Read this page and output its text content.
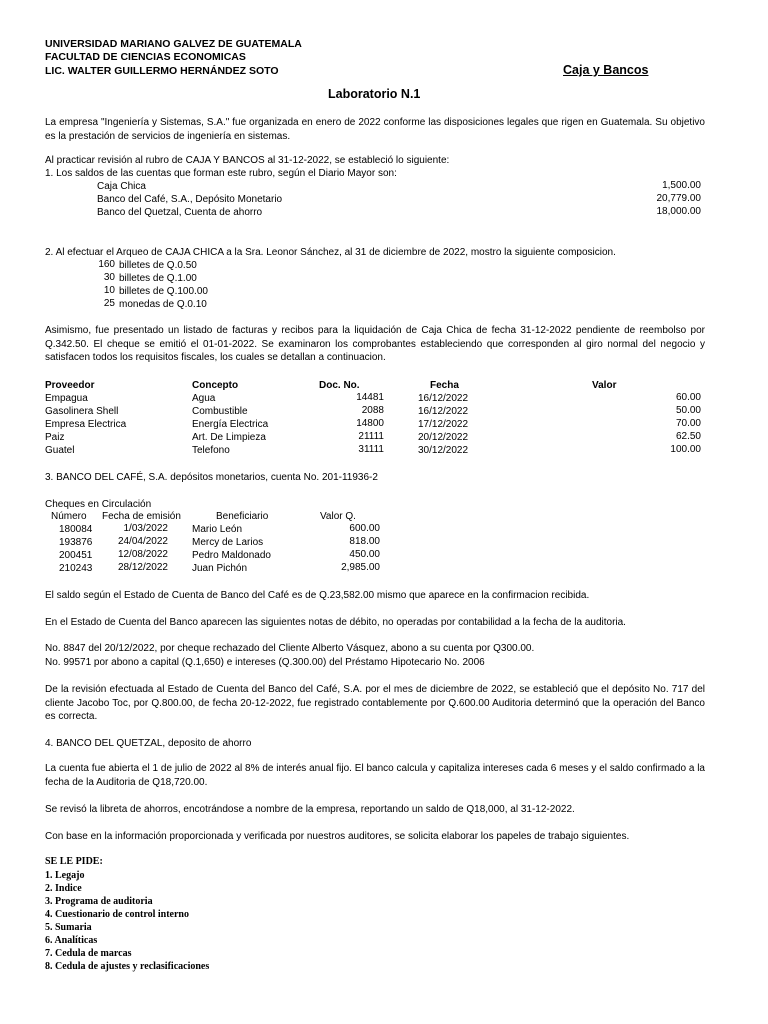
UNIVERSIDAD MARIANO GALVEZ DE GUATEMALA
FACULTAD DE CIENCIAS ECONOMICAS
LIC. WALTER GUILLERMO HERNÁNDEZ SOTO	Caja y Bancos
Laboratorio N.1
La empresa "Ingeniería y Sistemas, S.A." fue organizada en enero de 2022 conforme las disposiciones legales que rigen en Guatemala. Su objetivo es la prestación de servicios de ingeniería en sistemas.
Al practicar revisión al rubro de CAJA Y BANCOS al 31-12-2022, se estableció lo siguiente:
1. Los saldos de las cuentas que forman este rubro, según el Diario Mayor son:
Caja Chica	1,500.00
Banco del Café, S.A., Depósito Monetario	20,779.00
Banco del Quetzal, Cuenta de ahorro	18,000.00
2. Al efectuar el Arqueo de CAJA CHICA a la Sra. Leonor Sánchez, al 31 de diciembre de 2022, mostro la siguiente composicion.
160 billetes de Q.0.50
30 billetes de Q.1.00
10 billetes de Q.100.00
25 monedas de Q.0.10
Asimismo, fue presentado un listado de facturas y recibos para la liquidación de Caja Chica de fecha 31-12-2022 pendiente de reembolso por Q.342.50. El cheque se emitió el 01-01-2022. Se examinaron los comprobantes estableciendo que corresponden al giro normal del negocio y satisfacen todos los requisitos fiscales, los cuales se detallan a continuacion.
Proveedor	Concepto	Doc. No.	Fecha	Valor
Empagua	Agua	14481	16/12/2022	60.00
Gasolinera Shell	Combustible	2088	16/12/2022	50.00
Empresa Electrica	Energía Electrica	14800	17/12/2022	70.00
Paiz	Art. De Limpieza	21111	20/12/2022	62.50
Guatel	Telefono	31111	30/12/2022	100.00
3. BANCO DEL CAFÉ, S.A. depósitos monetarios, cuenta No. 201-11936-2
Cheques en Circulación
Número Fecha de emisión	Beneficiario	Valor Q.
180084	1/03/2022 Mario León	600.00
193876	24/04/2022 Mercy de Larios	818.00
200451	12/08/2022 Pedro Maldonado	450.00
210243	28/12/2022 Juan Pichón	2,985.00
El saldo según el Estado de Cuenta de Banco del Café es de Q.23,582.00 mismo que aparece en la confirmacion recibida.
En el Estado de Cuenta del Banco aparecen las siguientes notas de débito, no operadas por contabilidad a la fecha de la auditoria.
No. 8847 del 20/12/2022, por cheque rechazado del Cliente Alberto Vásquez, abono a su cuenta por Q300.00.
No. 99571 por abono a capital (Q.1,650) e intereses (Q.300.00) del Préstamo Hipotecario No. 2006
De la revisión efectuada al Estado de Cuenta del Banco del Café, S.A. por el mes de diciembre de 2022, se estableció que el depósito No. 717 del cliente Jacobo Toc, por Q.800.00, de fecha 20-12-2022, fue registrado contablemente por Q.600.00 Auditoria determinó que la operación del Banco es correcta.
4. BANCO DEL QUETZAL, deposito de ahorro
La cuenta fue abierta el 1 de julio de 2022 al 8% de interés anual fijo. El banco calcula y capitaliza intereses cada 6 meses y el saldo confirmado a la fecha de la Auditoria de Q18,720.00.
Se revisó la libreta de ahorros, encotrándose a nombre de la empresa, reportando un saldo de Q18,000, al 31-12-2022.
Con base en la información proporcionada y verificada por nuestros auditores, se solicita elaborar los papeles de trabajo siguientes.
SE LE PIDE:
1. Legajo
2. Indice
3. Programa de auditoria
4. Cuestionario de control interno
5. Sumaria
6. Analíticas
7. Cedula de marcas
8. Cedula de ajustes y reclasificaciones
